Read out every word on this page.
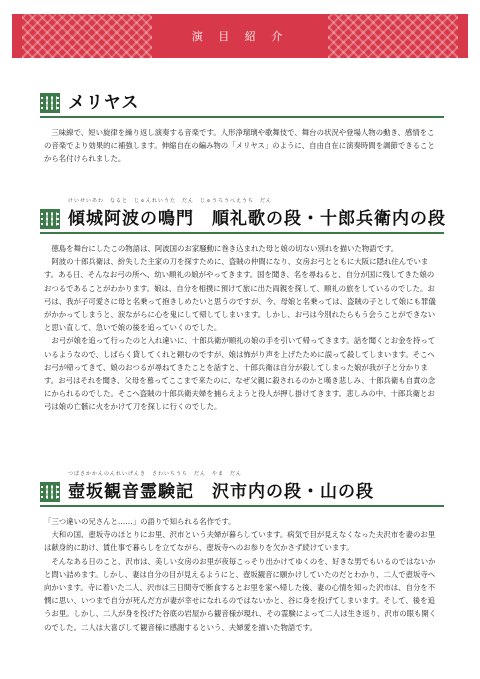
演 目 紹 介
メリヤス

三味線で、短い旋律を繰り返し演奏する音楽です。人形浄瑠璃や歌舞伎で、舞台の状況や登場人物の動き、感情をこの音楽でより効果的に補強します。伸縮自在の編み物の「メリヤス」のように、自由自在に演奏時間を調節できることから名付けられました。

けいせいあわ　なると　じゅんれいうた　だん　じゅうろうべえうち　だん
傾城阿波の鳴門　順礼歌の段・十郎兵衛内の段

徳島を舞台にしたこの物語は、阿波国のお家騒動に巻き込まれた母と娘の切ない別れを描いた物語です。

阿波の十郎兵衛は、紛失した主家の刀を探すために、盗賊の仲間になり、女房お弓とともに大阪に隠れ住んでいます。ある日、そんなお弓の所へ、幼い順礼の娘がやってきます。国を聞き、名を尋ねると、自分が国に残してきた娘のおつるであることがわかります。娘は、自分を相撲に預けて旅に出た両親を探して、順礼の旅をしているのでした。お弓は、我が子可愛さに母と名乗って抱きしめたいと思うのですが、今、母娘と名乗っては、盗賊の子として娘にも罪儀がかかってしまうと、涙ながらに心を鬼にして帰してしまいます。しかし、お弓は今別れたらもう会うことができないと思い直して、急いで娘の後を追っていくのでした。

お弓が娘を追って行ったのと入れ違いに、十郎兵衛が順礼の娘の手を引いて帰ってきます。話を聞くとお金を持っているようなので、しばらく貸してくれと頼むのですが、娘は怖がり声を上げたために誤って殺してしまいます。そこへお弓が帰ってきて、娘のおつるが尋ねてきたことを話すと、十郎兵衛は自分が殺してしまった娘が我が子と分かります。お弓はそれを聞き、父母を慕ってここまで来たのに、なぜ父親に殺されるのかと嘆き悲しみ、十郎兵衛も自責の念にかられるのでした。そこへ盗賊の十郎兵衛夫婦を捕らえようと役人が押し掛けてきます。悲しみの中、十郎兵衛とお弓は娘の亡骸に火をかけて刀を探しに行くのでした。

つぼさかかんのんれいげんき　さわいちうち　だん　やま　だん
壺坂観音霊験記　沢市内の段・山の段

「三つ違いの兄さんと……」の語りで知られる名作です。

大和の国、壺坂寺のほとりにお里、沢市という夫婦が暮らしています。病気で目が見えなくなった夫沢市を妻のお里は献身的に助け、賃仕事で暮らしを立てながら、壺坂寺へのお参りを欠かさず続けています。

そんなある日のこと、沢市は、美しい女房のお里が夜毎こっそり出かけてゆくのを、好きな男でもいるのではないかと問い詰めます。しかし、妻は自分の目が見えるようにと、壺坂観音に願かけしていたのだとわかり、二人で壺坂寺へ向かいます。寺に着いた二人、沢市は三日間寺で断食するとお里を家へ帰した後、妻の心情を知った沢市は、自分を不憫に思い、いつまで自分が死んだ方が妻が幸せになれるのではないかと、谷に身を投げてしまいます。そして、後を追うお里。しかし、二人が身を投げた谷底の岩屋から観音様が現れ、その霊験によって二人は生き返り、沢市の眼も開くのでした。二人は大喜びして観音様に感謝するという、夫婦愛を描いた物語です。
